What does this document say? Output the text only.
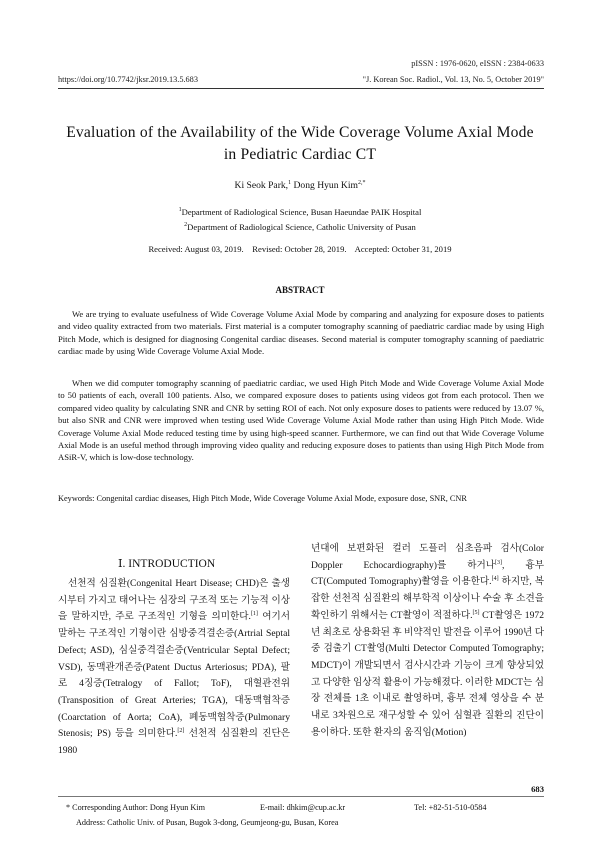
pISSN : 1976-0620, eISSN : 2384-0633
https://doi.org/10.7742/jksr.2019.13.5.683	"J. Korean Soc. Radiol., Vol. 13, No. 5, October 2019"
Evaluation of the Availability of the Wide Coverage Volume Axial Mode
in Pediatric Cardiac CT
Ki Seok Park,$^1$ Dong Hyun Kim$^{2,*}$
$^1$Department of Radiological Science, Busan Haeundae PAIK Hospital
$^2$Department of Radiological Science, Catholic University of Pusan
Received: August 03, 2019.    Revised: October 28, 2019.    Accepted: October 31, 2019
ABSTRACT
We are trying to evaluate usefulness of Wide Coverage Volume Axial Mode by comparing and analyzing for exposure doses to patients and video quality extracted from two materials. First material is a computer tomography scanning of paediatric cardiac made by using High Pitch Mode, which is designed for diagnosing Congenital cardiac diseases. Second material is computer tomography scanning of paediatric cardiac made by using Wide Coverage Volume Axial Mode.
When we did computer tomography scanning of paediatric cardiac, we used High Pitch Mode and Wide Coverage Volume Axial Mode to 50 patients of each, overall 100 patients. Also, we compared exposure doses to patients using videos got from each protocol. Then we compared video quality by calculating SNR and CNR by setting ROI of each. Not only exposure doses to patients were reduced by 13.07 %, but also SNR and CNR were improved when testing used Wide Coverage Volume Axial Mode rather than using High Pitch Mode. Wide Coverage Volume Axial Mode reduced testing time by using high-speed scanner. Furthermore, we can find out that Wide Coverage Volume Axial Mode is an useful method through improving video quality and reducing exposure doses to patients than using High Pitch Mode from ASiR-V, which is low-dose technology.
Keywords: Congenital cardiac diseases, High Pitch Mode, Wide Coverage Volume Axial Mode, exposure dose, SNR, CNR
Ⅰ. INTRODUCTION

선천적 심질환(Congenital Heart Disease; CHD)은 출생 시부터 가지고 태어나는 심장의 구조적 또는 기능적 이상을 말하지만, 주로 구조적인 기형을 의미한다.[1] 여기서 말하는 구조적인 기형이란 심방중격결손증(Artrial Septal Defect; ASD), 심실중격결손증(Ventricular Septal Defect; VSD), 동맥관개존증(Patent Ductus Arteriosus; PDA), 팔로 4징증(Tetralogy of Fallot; ToF), 대혈관전위(Transposition of Great Arteries; TGA), 대동맥협착증(Coarctation of Aorta; CoA), 폐동맥협착증(Pulmonary Stenosis; PS) 등을 의미한다.[2] 선천적 심질환의 진단은 1980

년대에 보편화된 컬러 도플러 심초음파 검사(Color Doppler Echocardiography)를 하거나[3], 흉부 CT(Computed Tomography)촬영을 이용한다.[4] 하지만, 복잡한 선천적 심질환의 해부학적 이상이나 수술 후 소견을 확인하기 위해서는 CT촬영이 적절하다.[5] CT촬영은 1972년 최초로 상용화된 후 비약적인 발전을 이루어 1990년 다중 검출기 CT촬영(Multi Detector Computed Tomography; MDCT)이 개발되면서 검사시간과 기능이 크게 향상되었고 다양한 임상적 활용이 가능해졌다. 이러한 MDCT는 심장 전체를 1초 이내로 촬영하며, 흉부 전체 영상을 수 분 내로 3차원으로 재구성할 수 있어 심혈관 질환의 진단이 용이하다. 또한 환자의 움직임(Motion)

683
* Corresponding Author: Dong Hyun Kim	E-mail: dhkim@cup.ac.kr	Tel: +82-51-510-0584
Address: Catholic Univ. of Pusan, Bugok 3-dong, Geumjeong-gu, Busan, Korea
